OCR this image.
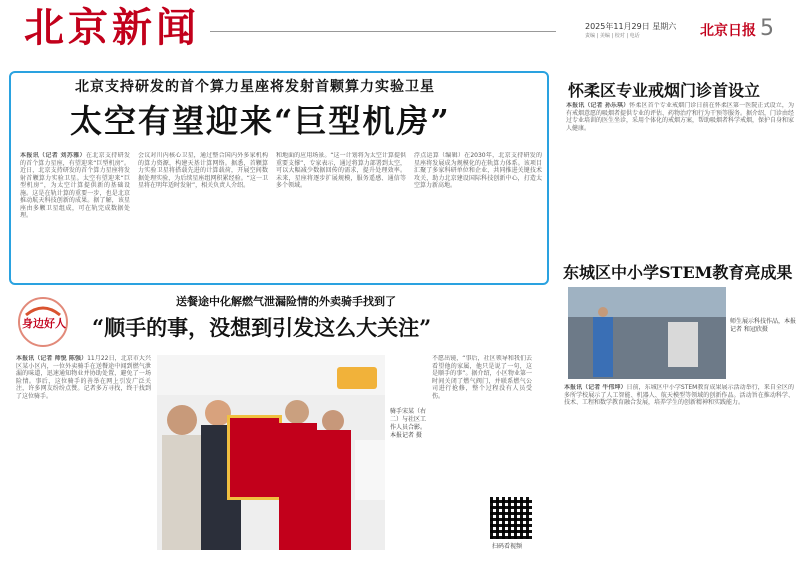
北京新闻	2025年11月29日 星期六
责编 | 美编 | 校对 | 电话	北京日报 5
北京支持研发的首个算力星座将发射首颗算力实验卫星
太空有望迎来“巨型机房”
本报讯（记者 刘苏雅）在北京支持研发的首个算力星座，有望迎来“巨型机房”。近日，北京支持研发的首个算力星座将发射首颗算力实验卫星。太空有望迎来“巨型机房”，为太空计算提供新的基础设施。这是在轨计算的重要一步，也是北京推动航天科技创新的成果。据了解，该星座由多颗卫星组成，可在轨完成数据处理。
会议对川内核心卫星，通过整合国内外多家机构的算力资源，构建天基计算网络。据悉，首颗算力实验卫星将搭载先进的计算载荷，开展空间数据处理实验，为后续星座组网积累经验。“这一卫星将在明年适时发射”，相关负责人介绍。
和地面的应用场景。“这一计划将为太空计算提供重要支撑”，专家表示，通过将算力部署到太空，可以大幅减少数据回传的需求，提升处理效率。未来，星座将逐步扩展规模，服务遥感、通信等多个领域。
浮点运算（编辑）在2030年，北京支持研发的星座将发展成为规模化的在轨算力体系。该项目汇聚了多家科研单位和企业，共同推进关键技术攻关，助力北京建设国际科技创新中心，打造太空算力新高地。
身边好人
送餐途中化解燃气泄漏险情的外卖骑手找到了
“顺手的事，没想到引发这么大关注”
本报讯（记者 师悦 陈强）11月22日，北京市大兴区某小区内，一位外卖骑手在送餐途中闻到燃气泄漏的味道，迅速通知物业并协助处置，避免了一场险情。事后，这位骑手的善举在网上引发广泛关注，许多网友纷纷点赞。记者多方寻找，终于找到了这位骑手。
骑手宋某（右二）与社区工作人员合影。本报记者 摄
不愿出镜，“事后，社区领导和我们去看望他的家属，他只是说了一句，这是顺手的事”。据介绍，小区物业第一时间关闭了燃气阀门，并联系燃气公司进行抢修，整个过程没有人员受伤。
扫码看视频
怀柔区专业戒烟门诊首设立
本报讯（记者 孙乐琪）怀柔区首个专业戒烟门诊日前在怀柔区第一医院正式设立，为有戒烟意愿的吸烟者提供专业的评估、药物治疗和行为干预等服务。据介绍，门诊由经过专业培训的医生坐诊，采用个体化的戒烟方案，帮助吸烟者科学戒烟，保护自身和家人健康。
东城区中小学STEM教育亮成果
师生展示科技作品，本报记者 和冠欣摄
本报讯（记者 牛伟坤）日前，东城区中小学STEM教育成果展示活动举行，来自全区的多所学校展示了人工智能、机器人、航天模型等领域的创新作品。活动旨在推动科学、技术、工程和数学教育融合发展，培养学生的创新精神和实践能力。
